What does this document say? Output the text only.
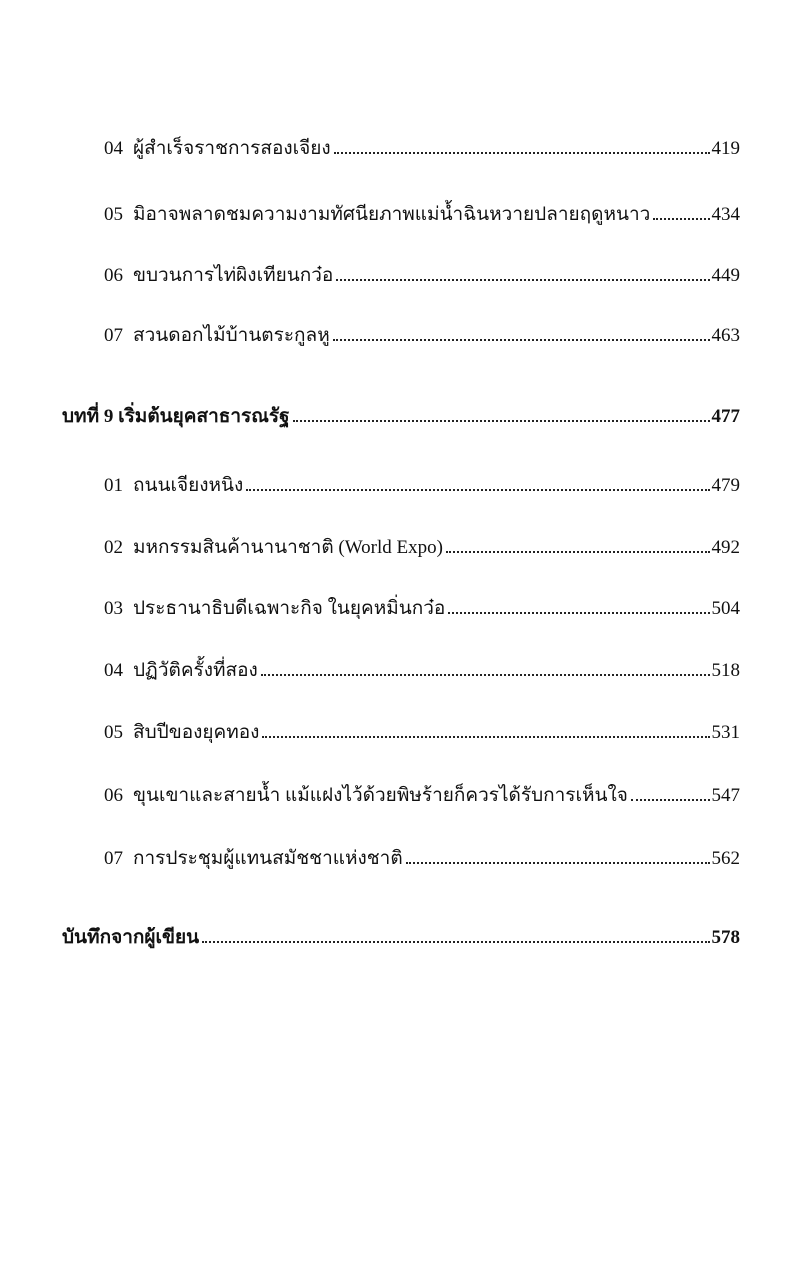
04 ผู้สำเร็จราชการสองเจียง	419
05 มิอาจพลาดชมความงามทัศนียภาพแม่น้ำฉินหวายปลายฤดูหนาว	434
06 ขบวนการไท่ผิงเทียนกว๋อ	449
07 สวนดอกไม้บ้านตระกูลหู	463
บทที่ 9 เริ่มต้นยุคสาธารณรัฐ	477
01 ถนนเจียงหนิง	479
02 มหกรรมสินค้านานาชาติ (World Expo)	492
03 ประธานาธิบดีเฉพาะกิจ ในยุคหมิ่นกว๋อ	504
04 ปฏิวัติครั้งที่สอง	518
05 สิบปีของยุคทอง	531
06 ขุนเขาและสายน้ำ แม้แฝงไว้ด้วยพิษร้ายก็ควรได้รับการเห็นใจ	547
07 การประชุมผู้แทนสมัชชาแห่งชาติ	562
บันทึกจากผู้เขียน	578
